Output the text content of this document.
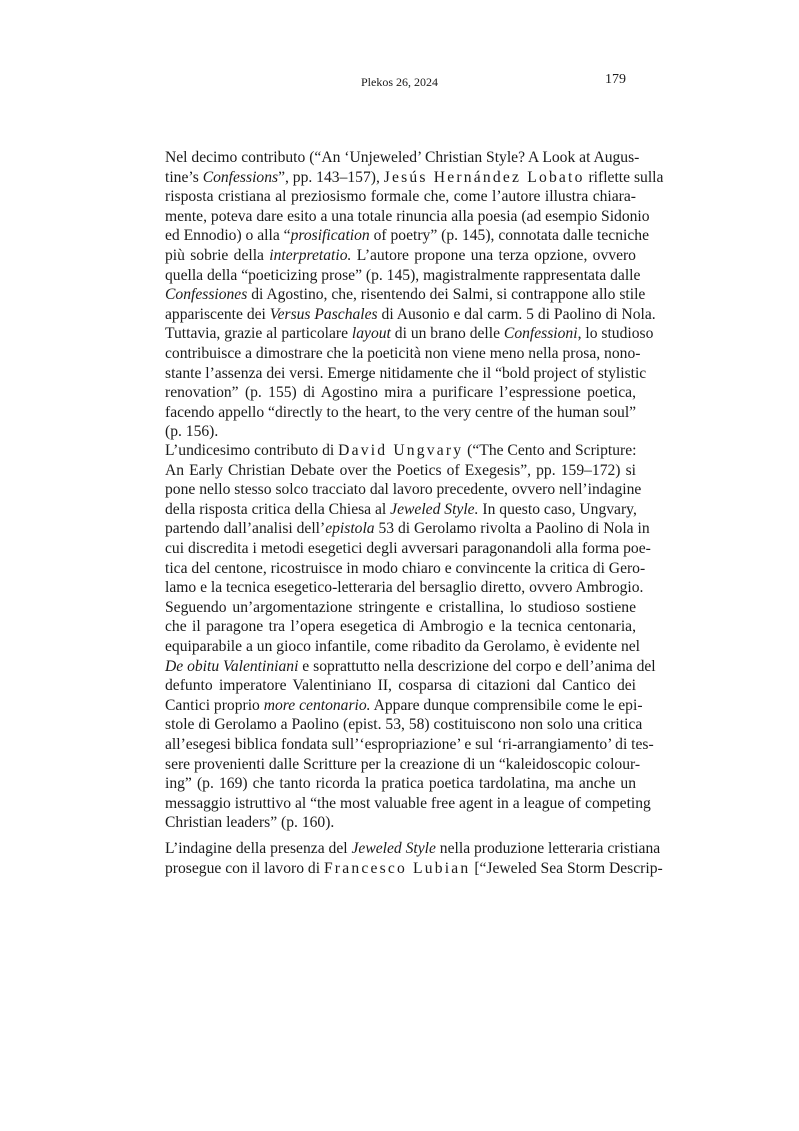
Plekos 26, 2024	179
Nel decimo contributo (“An ‘Unjeweled’ Christian Style? A Look at Augus-
tine’s Confessions”, pp. 143–157), Jesús Hernández Lobato riflette sulla
risposta cristiana al preziosismo formale che, come l’autore illustra chiara-
mente, poteva dare esito a una totale rinuncia alla poesia (ad esempio Sidonio
ed Ennodio) o alla “prosification of poetry” (p. 145), connotata dalle tecniche
più sobrie della interpretatio. L’autore propone una terza opzione, ovvero
quella della “poeticizing prose” (p. 145), magistralmente rappresentata dalle
Confessiones di Agostino, che, risentendo dei Salmi, si contrappone allo stile
appariscente dei Versus Paschales di Ausonio e dal carm. 5 di Paolino di Nola.
Tuttavia, grazie al particolare layout di un brano delle Confessioni, lo studioso
contribuisce a dimostrare che la poeticità non viene meno nella prosa, nono-
stante l’assenza dei versi. Emerge nitidamente che il “bold project of stylistic
renovation” (p. 155) di Agostino mira a purificare l’espressione poetica,
facendo appello “directly to the heart, to the very centre of the human soul”
(p. 156).
L’undicesimo contributo di David Ungvary (“The Cento and Scripture:
An Early Christian Debate over the Poetics of Exegesis”, pp. 159–172) si
pone nello stesso solco tracciato dal lavoro precedente, ovvero nell’indagine
della risposta critica della Chiesa al Jeweled Style. In questo caso, Ungvary,
partendo dall’analisi dell’epistola 53 di Gerolamo rivolta a Paolino di Nola in
cui discredita i metodi esegetici degli avversari paragonandoli alla forma poe-
tica del centone, ricostruisce in modo chiaro e convincente la critica di Gero-
lamo e la tecnica esegetico-letteraria del bersaglio diretto, ovvero Ambrogio.
Seguendo un’argomentazione stringente e cristallina, lo studioso sostiene
che il paragone tra l’opera esegetica di Ambrogio e la tecnica centonaria,
equiparabile a un gioco infantile, come ribadito da Gerolamo, è evidente nel
De obitu Valentiniani e soprattutto nella descrizione del corpo e dell’anima del
defunto imperatore Valentiniano II, cosparsa di citazioni dal Cantico dei
Cantici proprio more centonario. Appare dunque comprensibile come le epi-
stole di Gerolamo a Paolino (epist. 53, 58) costituiscono non solo una critica
all’esegesi biblica fondata sull’‘espropriazione’ e sul ‘ri-arrangiamento’ di tes-
sere provenienti dalle Scritture per la creazione di un “kaleidoscopic colour-
ing” (p. 169) che tanto ricorda la pratica poetica tardolatina, ma anche un
messaggio istruttivo al “the most valuable free agent in a league of competing
Christian leaders” (p. 160).
L’indagine della presenza del Jeweled Style nella produzione letteraria cristiana
prosegue con il lavoro di Francesco Lubian [“Jeweled Sea Storm Descrip-
